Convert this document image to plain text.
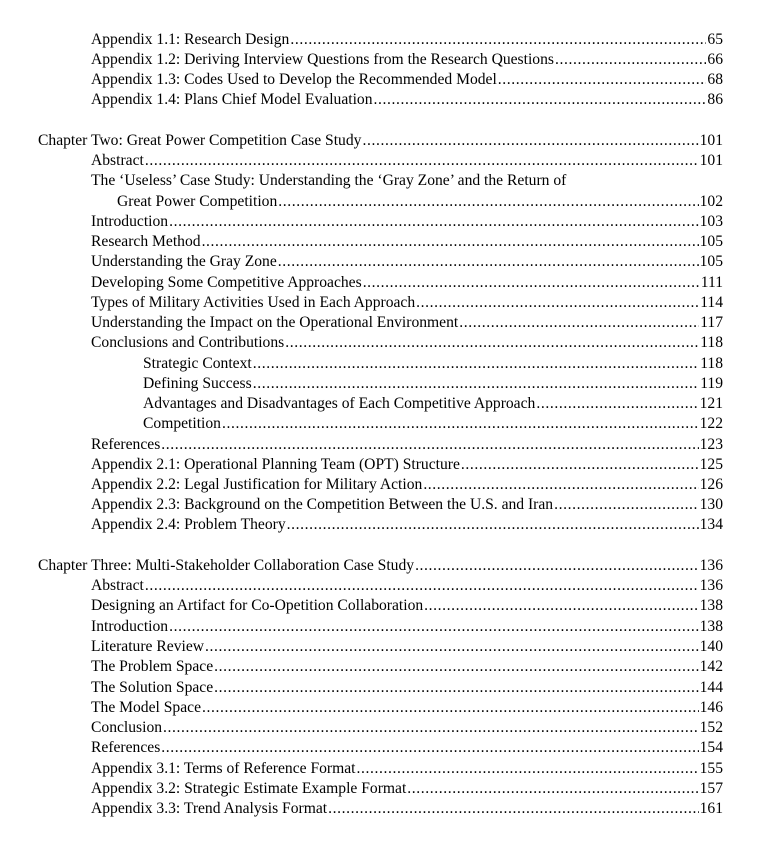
Appendix 1.1: Research Design .....	65
Appendix 1.2: Deriving Interview Questions from the Research Questions .....	66
Appendix 1.3: Codes Used to Develop the Recommended Model .....	68
Appendix 1.4: Plans Chief Model Evaluation .....	86
Chapter Two: Great Power Competition Case Study .....	101
Abstract .....	101
The ‘Useless’ Case Study: Understanding the ‘Gray Zone’ and the Return of
Great Power Competition .....	102
Introduction .....	103
Research Method .....	105
Understanding the Gray Zone .....	105
Developing Some Competitive Approaches .....	111
Types of Military Activities Used in Each Approach .....	114
Understanding the Impact on the Operational Environment .....	117
Conclusions and Contributions .....	118
Strategic Context .....	118
Defining Success .....	119
Advantages and Disadvantages of Each Competitive Approach .....	121
Competition .....	122
References .....	123
Appendix 2.1: Operational Planning Team (OPT) Structure .....	125
Appendix 2.2: Legal Justification for Military Action .....	126
Appendix 2.3: Background on the Competition Between the U.S. and Iran .....	130
Appendix 2.4: Problem Theory .....	134
Chapter Three: Multi-Stakeholder Collaboration Case Study .....	136
Abstract .....	136
Designing an Artifact for Co-Opetition Collaboration .....	138
Introduction .....	138
Literature Review .....	140
The Problem Space .....	142
The Solution Space .....	144
The Model Space .....	146
Conclusion .....	152
References .....	154
Appendix 3.1: Terms of Reference Format .....	155
Appendix 3.2: Strategic Estimate Example Format .....	157
Appendix 3.3: Trend Analysis Format .....	161
